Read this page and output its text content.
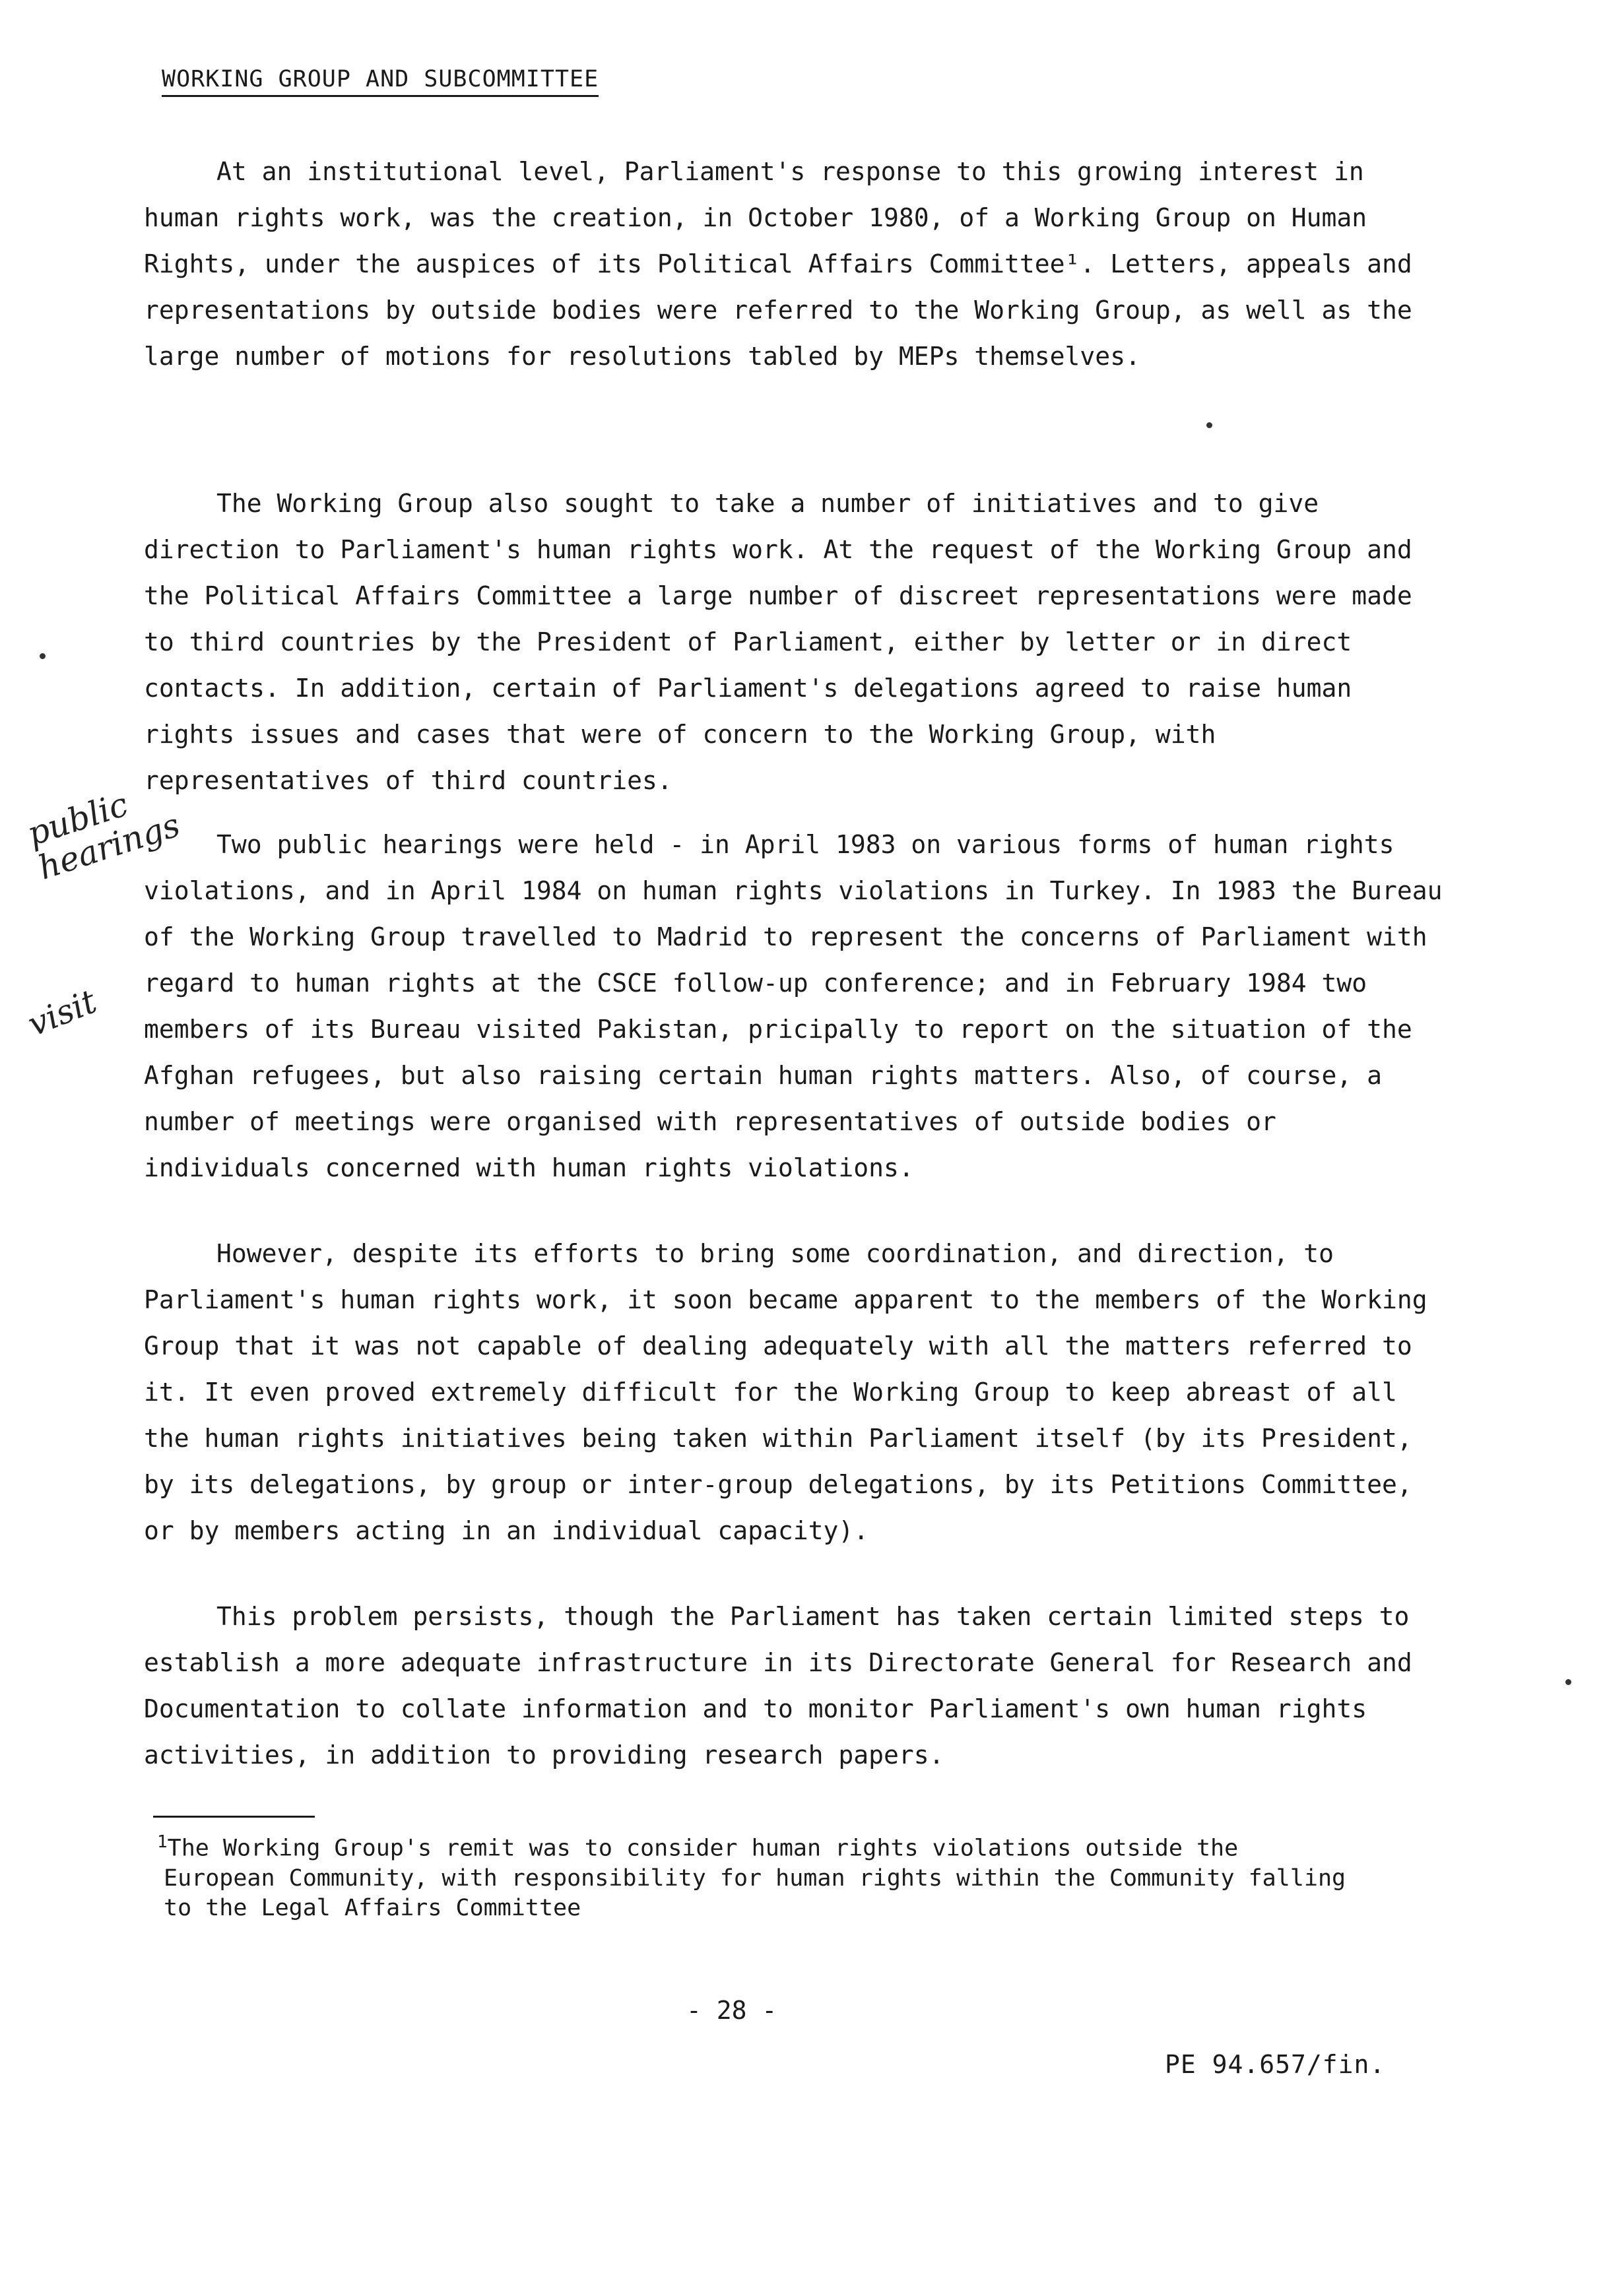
WORKING GROUP AND SUBCOMMITTEE

At an institutional level, Parliament's response to this growing interest in human rights work, was the creation, in October 1980, of a Working Group on Human Rights, under the auspices of its Political Affairs Committee¹. Letters, appeals and representations by outside bodies were referred to the Working Group, as well as the large number of motions for resolutions tabled by MEPs themselves.

The Working Group also sought to take a number of initiatives and to give direction to Parliament's human rights work. At the request of the Working Group and the Political Affairs Committee a large number of discreet representations were made to third countries by the President of Parliament, either by letter or in direct contacts. In addition, certain of Parliament's delegations agreed to raise human rights issues and cases that were of concern to the Working Group, with representatives of third countries.

Two public hearings were held - in April 1983 on various forms of human rights violations, and in April 1984 on human rights violations in Turkey. In 1983 the Bureau of the Working Group travelled to Madrid to represent the concerns of Parliament with regard to human rights at the CSCE follow-up conference; and in February 1984 two members of its Bureau visited Pakistan, pricipally to report on the situation of the Afghan refugees, but also raising certain human rights matters. Also, of course, a number of meetings were organised with representatives of outside bodies or individuals concerned with human rights violations.

However, despite its efforts to bring some coordination, and direction, to Parliament's human rights work, it soon became apparent to the members of the Working Group that it was not capable of dealing adequately with all the matters referred to it. It even proved extremely difficult for the Working Group to keep abreast of all the human rights initiatives being taken within Parliament itself (by its President, by its delegations, by group or inter-group delegations, by its Petitions Committee, or by members acting in an individual capacity).

This problem persists, though the Parliament has taken certain limited steps to establish a more adequate infrastructure in its Directorate General for Research and Documentation to collate information and to monitor Parliament's own human rights activities, in addition to providing research papers.

public hearings
visit

$^1$The Working Group's remit was to consider human rights violations outside the European Community, with responsibility for human rights within the Community falling to the Legal Affairs Committee

- 28 -
PE 94.657/fin.
